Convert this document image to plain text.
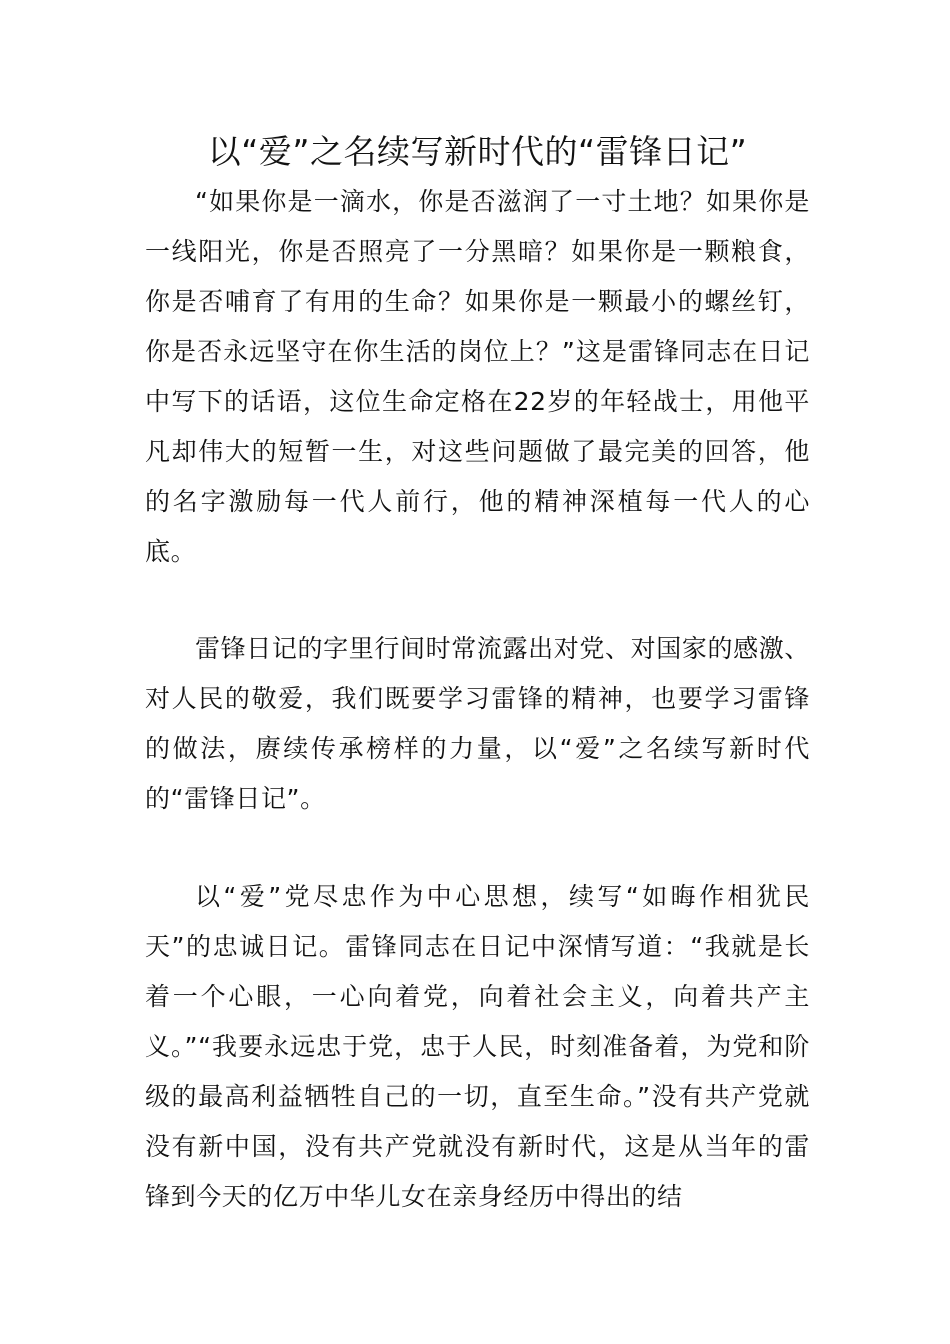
以“爱”之名续写新时代的“雷锋日记”

“如果你是一滴水，你是否滋润了一寸土地？如果你是一线阳光，你是否照亮了一分黑暗？如果你是一颗粮食，你是否哺育了有用的生命？如果你是一颗最小的螺丝钉，你是否永远坚守在你生活的岗位上？”这是雷锋同志在日记中写下的话语，这位生命定格在22岁的年轻战士，用他平凡却伟大的短暂一生，对这些问题做了最完美的回答，他的名字激励每一代人前行，他的精神深植每一代人的心底。

雷锋日记的字里行间时常流露出对党、对国家的感激、对人民的敬爱，我们既要学习雷锋的精神，也要学习雷锋的做法，赓续传承榜样的力量，以“爱”之名续写新时代的“雷锋日记”。

以“爱”党尽忠作为中心思想，续写“如晦作相犹民天”的忠诚日记。雷锋同志在日记中深情写道：“我就是长着一个心眼，一心向着党，向着社会主义，向着共产主义。”“我要永远忠于党，忠于人民，时刻准备着，为党和阶级的最高利益牺牲自己的一切，直至生命。”没有共产党就没有新中国，没有共产党就没有新时代，这是从当年的雷锋到今天的亿万中华儿女在亲身经历中得出的结
